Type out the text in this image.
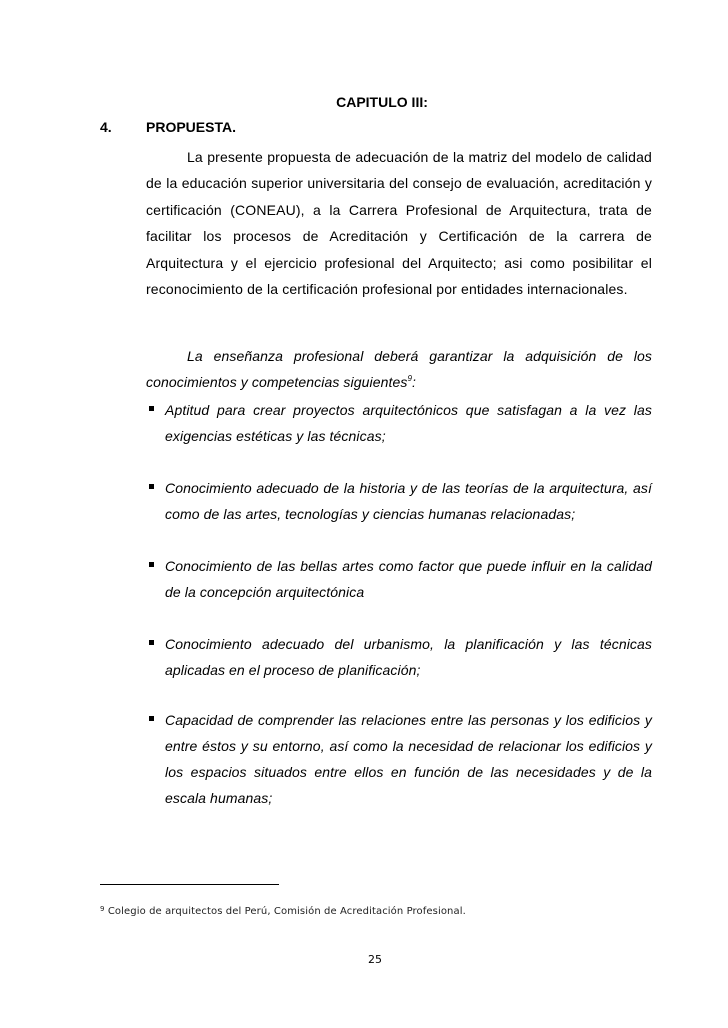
CAPITULO III:
4. PROPUESTA.

La presente propuesta de adecuación de la matriz del modelo de calidad de la educación superior universitaria del consejo de evaluación, acreditación y certificación (CONEAU), a la Carrera Profesional de Arquitectura, trata de facilitar los procesos de Acreditación y Certificación de la carrera de Arquitectura y el ejercicio profesional del Arquitecto; asi como posibilitar el reconocimiento de la certificación profesional por entidades internacionales.

La enseñanza profesional deberá garantizar la adquisición de los conocimientos y competencias siguientes$^9$:

Aptitud para crear proyectos arquitectónicos que satisfagan a la vez las exigencias estéticas y las técnicas;
Conocimiento adecuado de la historia y de las teorías de la arquitectura, así como de las artes, tecnologías y ciencias humanas relacionadas;
Conocimiento de las bellas artes como factor que puede influir en la calidad de la concepción arquitectónica
Conocimiento adecuado del urbanismo, la planificación y las técnicas aplicadas en el proceso de planificación;
Capacidad de comprender las relaciones entre las personas y los edificios y entre éstos y su entorno, así como la necesidad de relacionar los edificios y los espacios situados entre ellos en función de las necesidades y de la escala humanas;
$^9$ Colegio de arquitectos del Perú, Comisión de Acreditación Profesional.
25
